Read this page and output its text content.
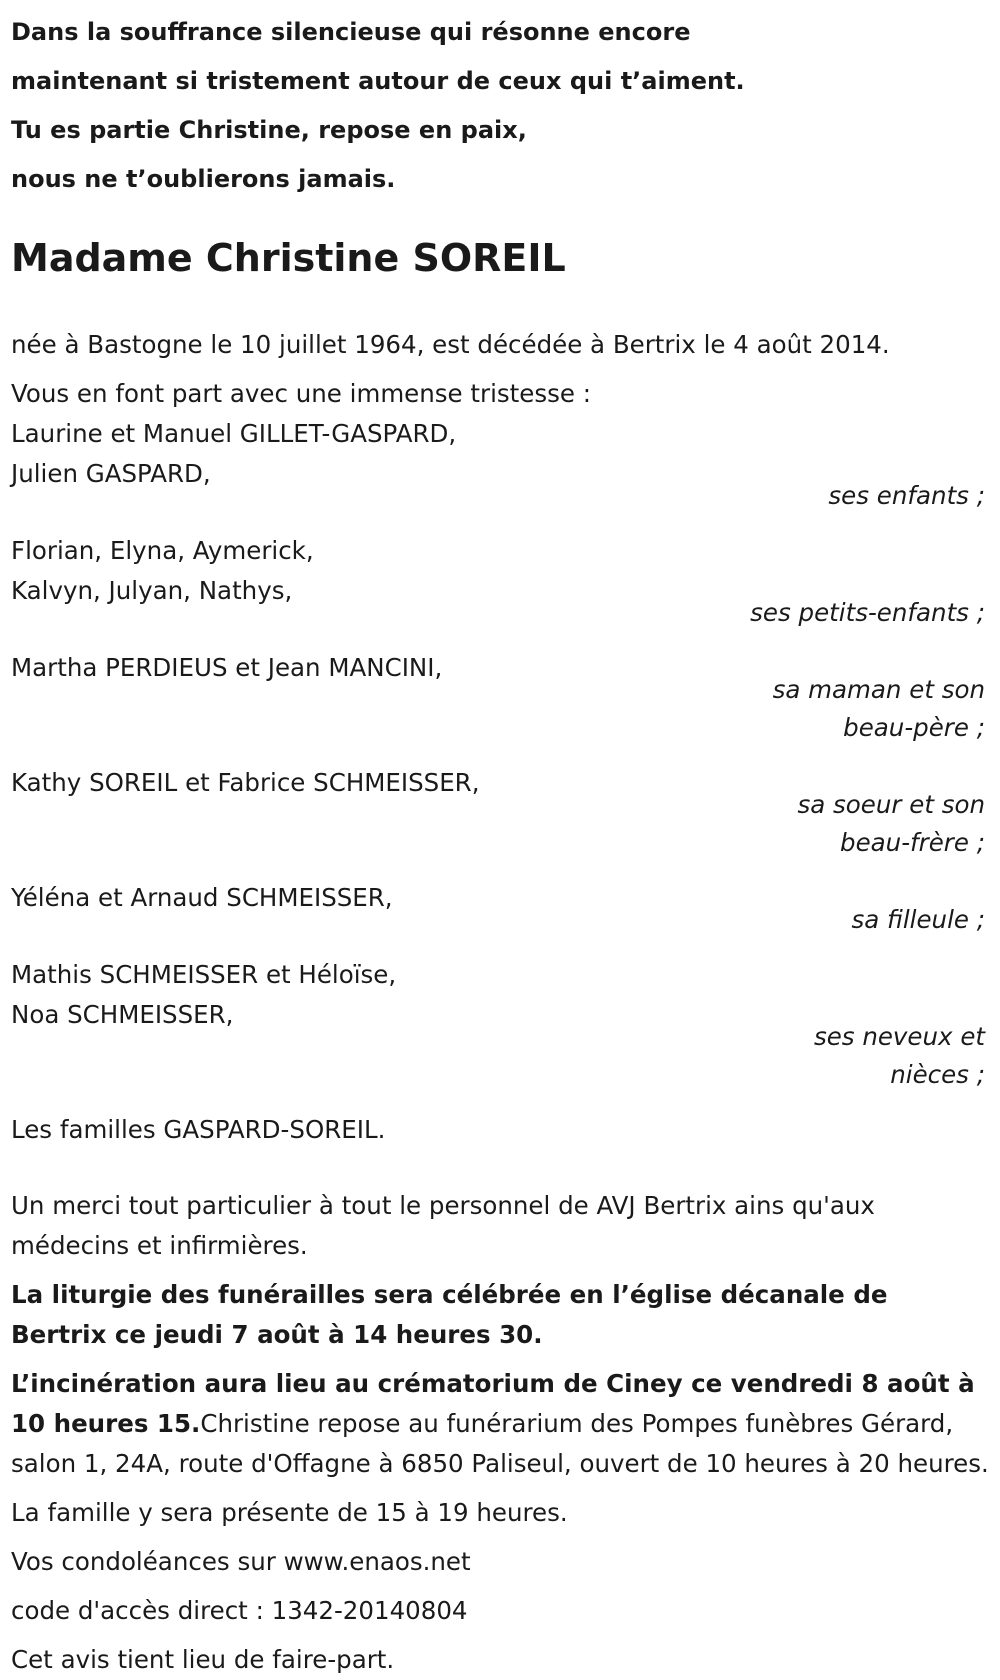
Dans la souffrance silencieuse qui résonne encore
maintenant si tristement autour de ceux qui t’aiment.
Tu es partie Christine, repose en paix,
nous ne t’oublierons jamais.
Madame Christine SOREIL

née à Bastogne le 10 juillet 1964, est décédée à Bertrix le 4 août 2014.

Vous en font part avec une immense tristesse :

Laurine et Manuel GILLET-GASPARD,
Julien GASPARD,
ses enfants ;
Florian, Elyna, Aymerick,
Kalvyn, Julyan, Nathys,
ses petits-enfants ;
Martha PERDIEUS et Jean MANCINI,
sa maman et son
beau-père ;
Kathy SOREIL et Fabrice SCHMEISSER,
sa soeur et son
beau-frère ;
Yéléna et Arnaud SCHMEISSER,
sa filleule ;
Mathis SCHMEISSER et Héloïse,
Noa SCHMEISSER,
ses neveux et
nièces ;

Les familles GASPARD-SOREIL.

Un merci tout particulier à tout le personnel de AVJ Bertrix ains qu'aux médecins et infirmières.

La liturgie des funérailles sera célébrée en l’église décanale de Bertrix ce jeudi 7 août à 14 heures 30.

L’incinération aura lieu au crématorium de Ciney ce vendredi 8 août à 10 heures 15.Christine repose au funérarium des Pompes funèbres Gérard, salon 1, 24A, route d'Offagne à 6850 Paliseul, ouvert de 10 heures à 20 heures.

La famille y sera présente de 15 à 19 heures.

Vos condoléances sur www.enaos.net

code d'accès direct : 1342-20140804

Cet avis tient lieu de faire-part.
